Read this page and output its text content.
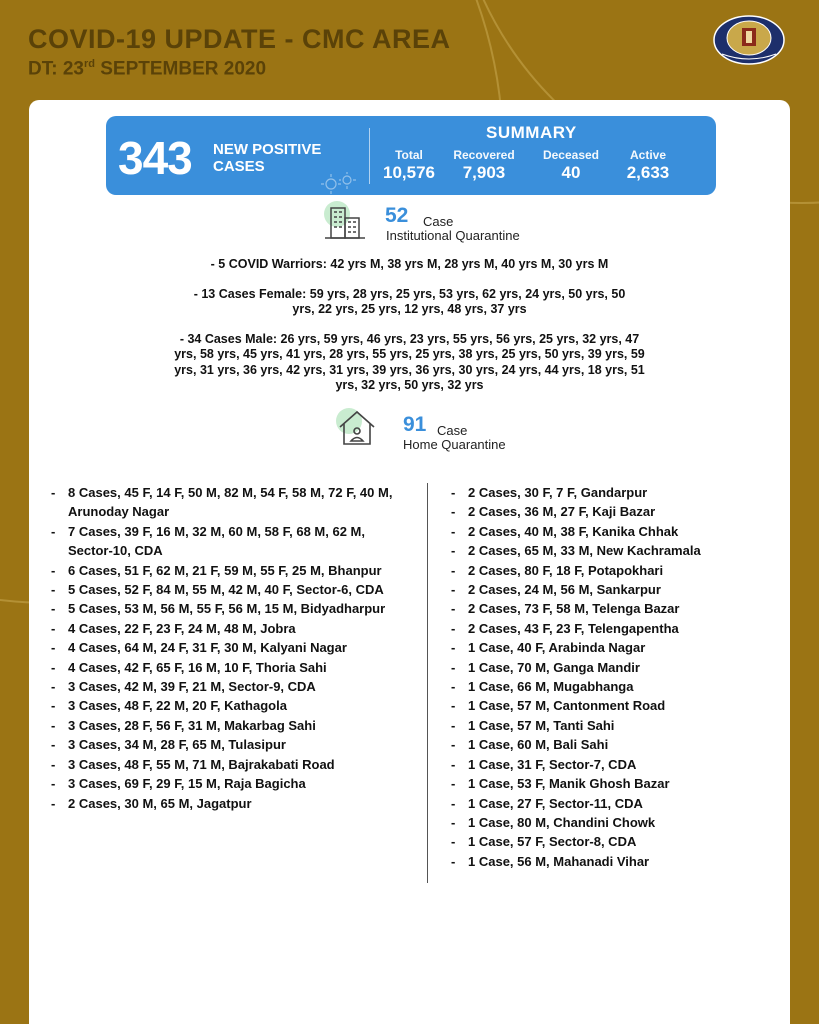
COVID-19 UPDATE - CMC AREA
DT: 23rd SEPTEMBER 2020
343 NEW POSITIVE CASES
SUMMARY
Total
10,576
Recovered
7,903
Deceased
40
Active
2,633
52 Case
Institutional Quarantine

- 5 COVID Warriors: 42 yrs M, 38 yrs M, 28 yrs M, 40 yrs M, 30 yrs M

- 13 Cases Female: 59 yrs, 28 yrs, 25 yrs, 53 yrs, 62 yrs, 24 yrs, 50 yrs, 50 yrs, 22 yrs, 25 yrs, 12 yrs, 48 yrs, 37 yrs

- 34 Cases Male: 26 yrs, 59 yrs, 46 yrs, 23 yrs, 55 yrs, 56 yrs, 25 yrs, 32 yrs, 47 yrs, 58 yrs, 45 yrs, 41 yrs, 28 yrs, 55 yrs, 25 yrs, 38 yrs, 25 yrs, 50 yrs, 39 yrs, 59 yrs, 31 yrs, 36 yrs, 42 yrs, 31 yrs, 39 yrs, 36 yrs, 30 yrs, 24 yrs, 44 yrs, 18 yrs, 51 yrs, 32 yrs, 50 yrs, 32 yrs

91 Case
Home Quarantine
- 8 Cases, 45 F, 14 F, 50 M, 82 M, 54 F, 58 M, 72 F, 40 M, Arunoday Nagar
- 7 Cases, 39 F, 16 M, 32 M, 60 M, 58 F, 68 M, 62 M, Sector-10, CDA
- 6 Cases, 51 F, 62 M, 21 F, 59 M, 55 F, 25 M, Bhanpur
- 5 Cases, 52 F, 84 M, 55 M, 42 M, 40 F, Sector-6, CDA
- 5 Cases, 53 M, 56 M, 55 F, 56 M, 15 M, Bidyadharpur
- 4 Cases, 22 F, 23 F, 24 M, 48 M, Jobra
- 4 Cases, 64 M, 24 F, 31 F, 30 M, Kalyani Nagar
- 4 Cases, 42 F, 65 F, 16 M, 10 F, Thoria Sahi
- 3 Cases, 42 M, 39 F, 21 M, Sector-9, CDA
- 3 Cases, 48 F, 22 M, 20 F, Kathagola
- 3 Cases, 28 F, 56 F, 31 M, Makarbag Sahi
- 3 Cases, 34 M, 28 F, 65 M, Tulasipur
- 3 Cases, 48 F, 55 M, 71 M, Bajrakabati Road
- 3 Cases, 69 F, 29 F, 15 M, Raja Bagicha
- 2 Cases, 30 M, 65 M, Jagatpur
- 2 Cases, 30 F, 7 F, Gandarpur
- 2 Cases, 36 M, 27 F, Kaji Bazar
- 2 Cases, 40 M, 38 F, Kanika Chhak
- 2 Cases, 65 M, 33 M, New Kachramala
- 2 Cases, 80 F, 18 F, Potapokhari
- 2 Cases, 24 M, 56 M, Sankarpur
- 2 Cases, 73 F, 58 M, Telenga Bazar
- 2 Cases, 43 F, 23 F, Telengapentha
- 1 Case, 40 F, Arabinda Nagar
- 1 Case, 70 M, Ganga Mandir
- 1 Case, 66 M, Mugabhanga
- 1 Case, 57 M, Cantonment Road
- 1 Case, 57 M, Tanti Sahi
- 1 Case, 60 M, Bali Sahi
- 1 Case, 31 F, Sector-7, CDA
- 1 Case, 53 F, Manik Ghosh Bazar
- 1 Case, 27 F, Sector-11, CDA
- 1 Case, 80 M, Chandini Chowk
- 1 Case, 57 F, Sector-8, CDA
- 1 Case, 56 M, Mahanadi Vihar
